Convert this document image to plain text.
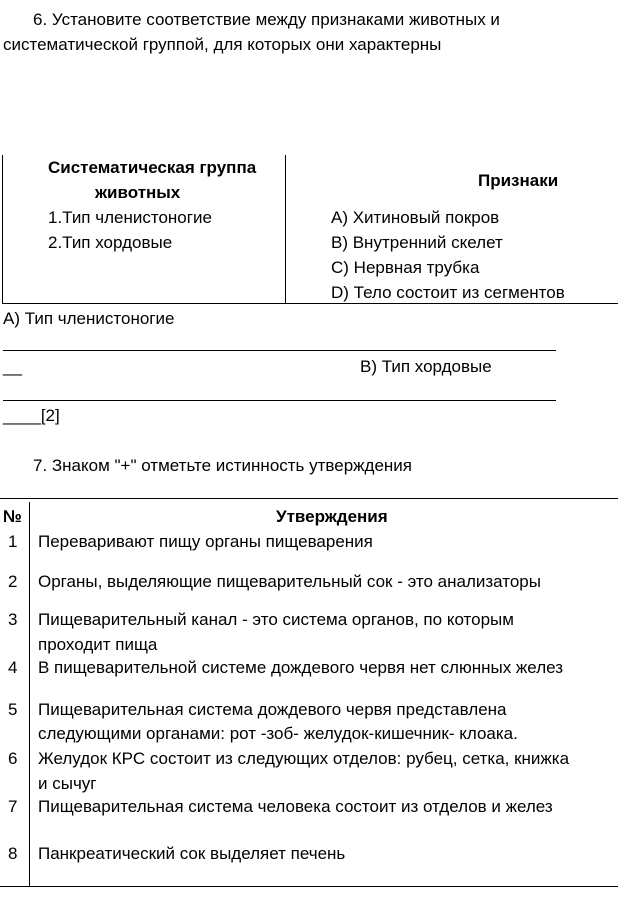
6. Установите соответствие между признаками животных и
систематической группой, для которых они характерны
Систематическая группа
животных
Признаки
1.Тип членистоногие
2.Тип хордовые
А) Хитиновый покров
В) Внутренний скелет
С) Нервная трубка
D) Тело состоит из сегментов
А) Тип членистоногие
__	В) Тип хордовые
____[2]
7. Знаком "+" отметьте истинность утверждения
№	Утверждения
1 Переваривают пищу органы пищеварения
2 Органы, выделяющие пищеварительный сок - это анализаторы
3 Пищеварительный канал - это система органов, по которым
проходит пища
4 В пищеварительной системе дождевого червя нет слюнных желез
5 Пищеварительная система дождевого червя представлена
следующими органами: рот -зоб- желудок-кишечник- клоака.
6 Желудок КРС состоит из следующих отделов: рубец, сетка, книжка
и сычуг
7 Пищеварительная система человека состоит из отделов и желез
8 Панкреатический сок выделяет печень
